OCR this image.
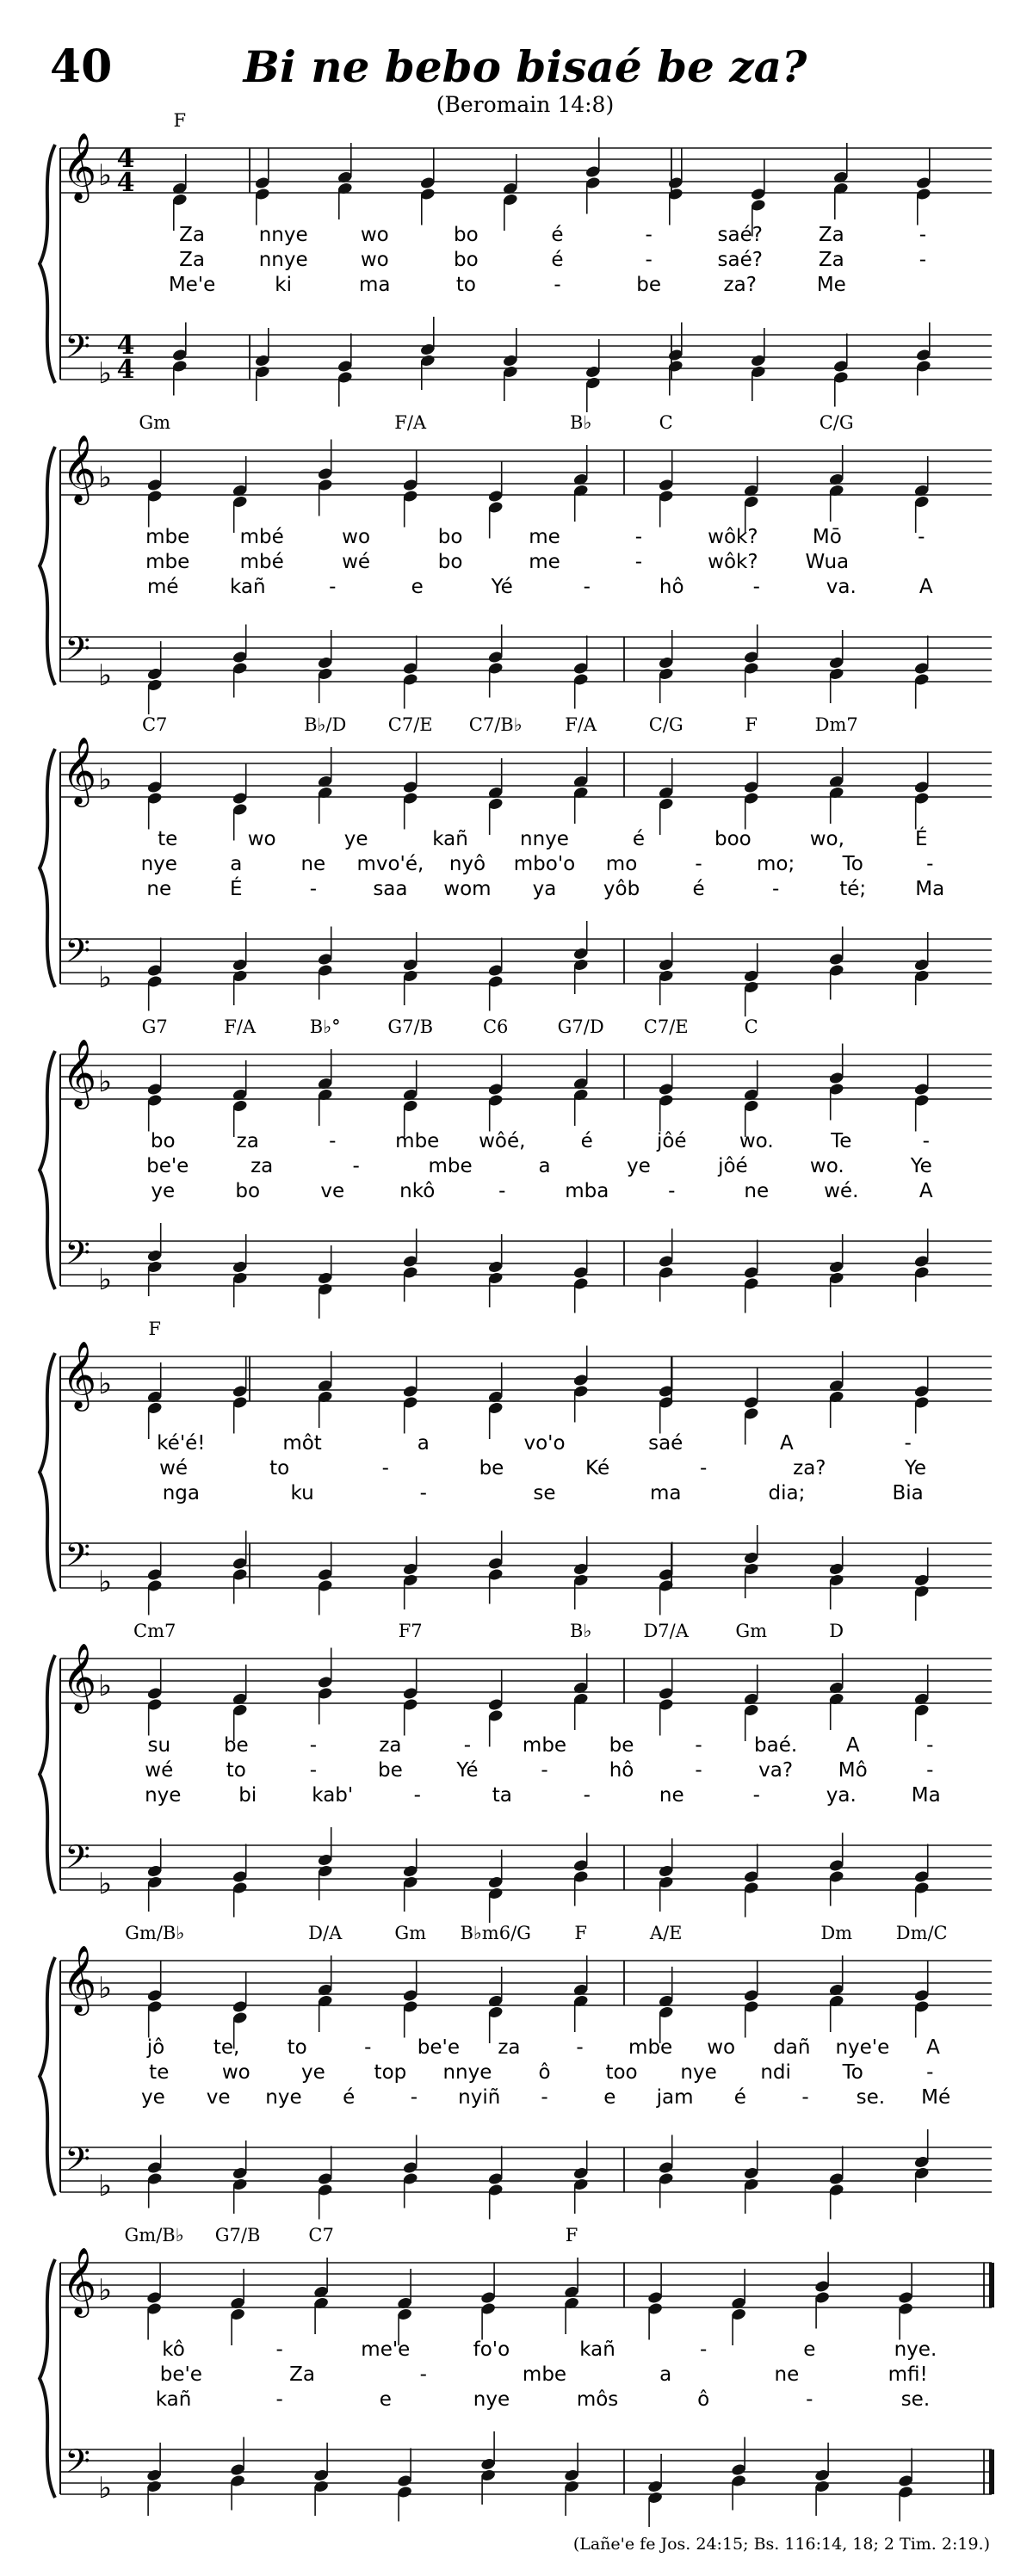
40	Bi ne bebo bisaé be za?
(Beromain 14:8)
(Lañe'e fe Jos. 24:15; Bs. 116:14, 18; 2 Tim. 2:19.)
𝄞
𝄢
♭
♭
4
4
4
4
F
Za	nnye	wo	bo	é	-	saé?	Za	-
Za	nnye	wo	bo	é	-	saé?	Za	-
Me'e	ki	ma	to	-	be	za?	Me
𝄞
𝄢
♭
♭
Gm	F/A	B♭	C	C/G
mbe	mbé	wo	bo	me	-	wôk?	Mō	-
mbe	mbé	wé	bo	me	-	wôk? Wua
mé	kañ	-	e	Yé	-	hô	-	va.	A
𝄞
𝄢
♭
♭
C7	B♭/D C7/E C7/B♭ F/A	C/G	F	Dm7
te	wo	ye	kañ	nnye	é	boo	wo,	É
nye	a	ne mvo'é, nyô mbo'o mo	-	mo; To	-
ne	É	-	saa wom ya yôb	é	-	té; Ma
𝄞
𝄢
♭
♭
G7	F/A	B♭°	G7/B	C6	G7/D C7/E	C
bo	za	-	mbe wôé,	é	jôé	wo.	Te	-
be'e	za	-	mbe	a	ye	jôé	wo.	Ye
ye	bo	ve	nkô	-	mba	-	ne	wé.	A
𝄞
𝄢
♭
♭
F
ké'é!	môt	a	vo'o	saé	A	-
wé	to	-	be	Ké	-	za?	Ye
nga	ku	-	se	ma	dia;	Bia
𝄞
𝄢
♭
♭
Cm7	F7	B♭	D7/A	Gm	D
su	be	-	za	-	mbe be	-	baé. A	-
wé	to	-	be	Yé	-	hô	-	va? Mô	-
nye	bi	kab'	-	ta	-	ne	-	ya.	Ma
𝄞
𝄢
♭
♭
Gm/B♭	D/A	Gm B♭m6/G F	A/E	Dm Dm/C
jô te, to	- be'e za	- mbe wo dañ nye'e A
te	wo	ye top nnye ô	too nye ndi	To	-
ye ve nye é	- nyiñ -	e jam é	- se. Mé
𝄞
𝄢
♭
♭
Gm/B♭ G7/B	C7	F
kô	-	me'e	fo'o	kañ	-	e	nye.
be'e	Za	-	mbe	a	ne	mfi!
kañ	-	e	nye	môs	ô	-	se.
